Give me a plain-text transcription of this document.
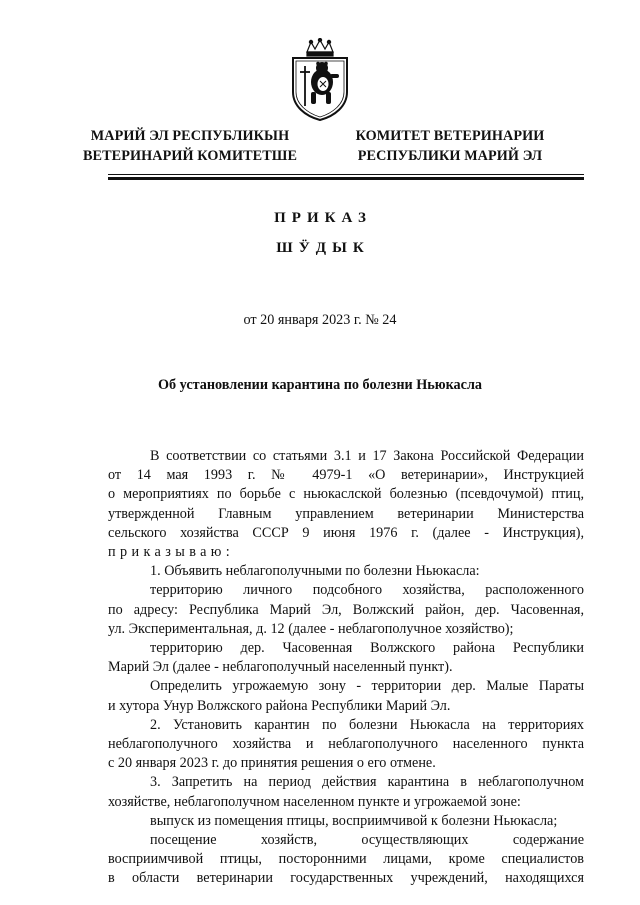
МАРИЙ ЭЛ РЕСПУБЛИКЫН
ВЕТЕРИНАРИЙ КОМИТЕТШЕ
КОМИТЕТ ВЕТЕРИНАРИИ
РЕСПУБЛИКИ МАРИЙ ЭЛ
ПРИКАЗ
ШӰДЫК
от 20 января 2023 г. № 24
Об установлении карантина по болезни Ньюкасла

В соответствии со статьями 3.1 и 17 Закона Российской Федерации

от 14 мая 1993 г. № 4979-1 «О ветеринарии», Инструкцией

о мероприятиях по борьбе с ньюкаслской болезнью (псевдочумой) птиц,

утвержденной Главным управлением ветеринарии Министерства

сельского хозяйства СССР 9 июня 1976 г. (далее - Инструкция),

приказываю:

1. Объявить неблагополучными по болезни Ньюкасла:

территорию личного подсобного хозяйства, расположенного

по адресу: Республика Марий Эл, Волжский район, дер. Часовенная,

ул. Экспериментальная, д. 12 (далее - неблагополучное хозяйство);

территорию дер. Часовенная Волжского района Республики

Марий Эл (далее - неблагополучный населенный пункт).

Определить угрожаемую зону - территории дер. Малые Параты

и хутора Унур Волжского района Республики Марий Эл.

2. Установить карантин по болезни Ньюкасла на территориях

неблагополучного хозяйства и неблагополучного населенного пункта

с 20 января 2023 г. до принятия решения о его отмене.

3. Запретить на период действия карантина в неблагополучном

хозяйстве, неблагополучном населенном пункте и угрожаемой зоне:

выпуск из помещения птицы, восприимчивой к болезни Ньюкасла;

посещение хозяйств, осуществляющих содержание

восприимчивой птицы, посторонними лицами, кроме специалистов

в области ветеринарии государственных учреждений, находящихся
